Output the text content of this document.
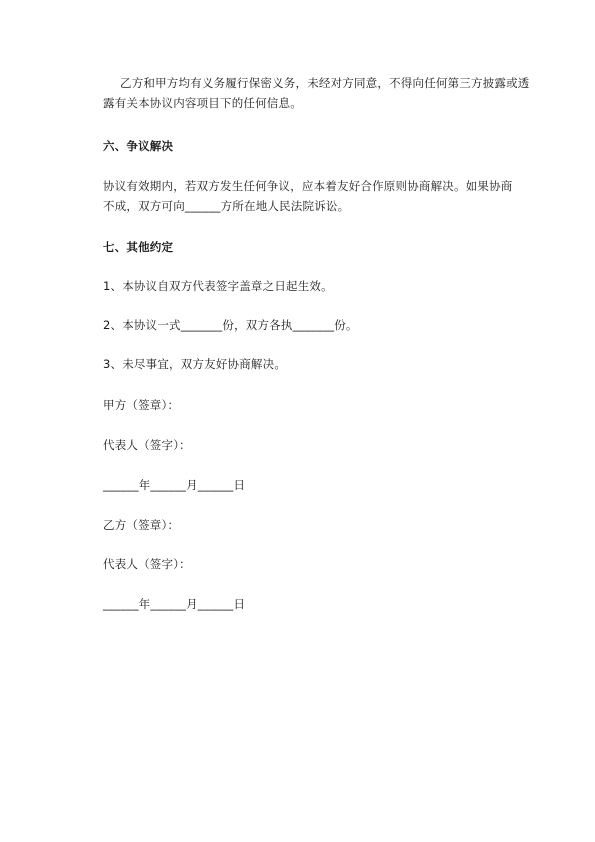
乙方和甲方均有义务履行保密义务，未经对方同意，不得向任何第三方披露或透
露有关本协议内容项目下的任何信息。
六、争议解决
协议有效期内，若双方发生任何争议，应本着友好合作原则协商解决。如果协商
不成，双方可向______方所在地人民法院诉讼。
七、其他约定
1、本协议自双方代表签字盖章之日起生效。
2、本协议一式_______份，双方各执_______份。
3、未尽事宜，双方友好协商解决。
甲方（签章）：
代表人（签字）：
______年______月______日
乙方（签章）：
代表人（签字）：
______年______月______日
